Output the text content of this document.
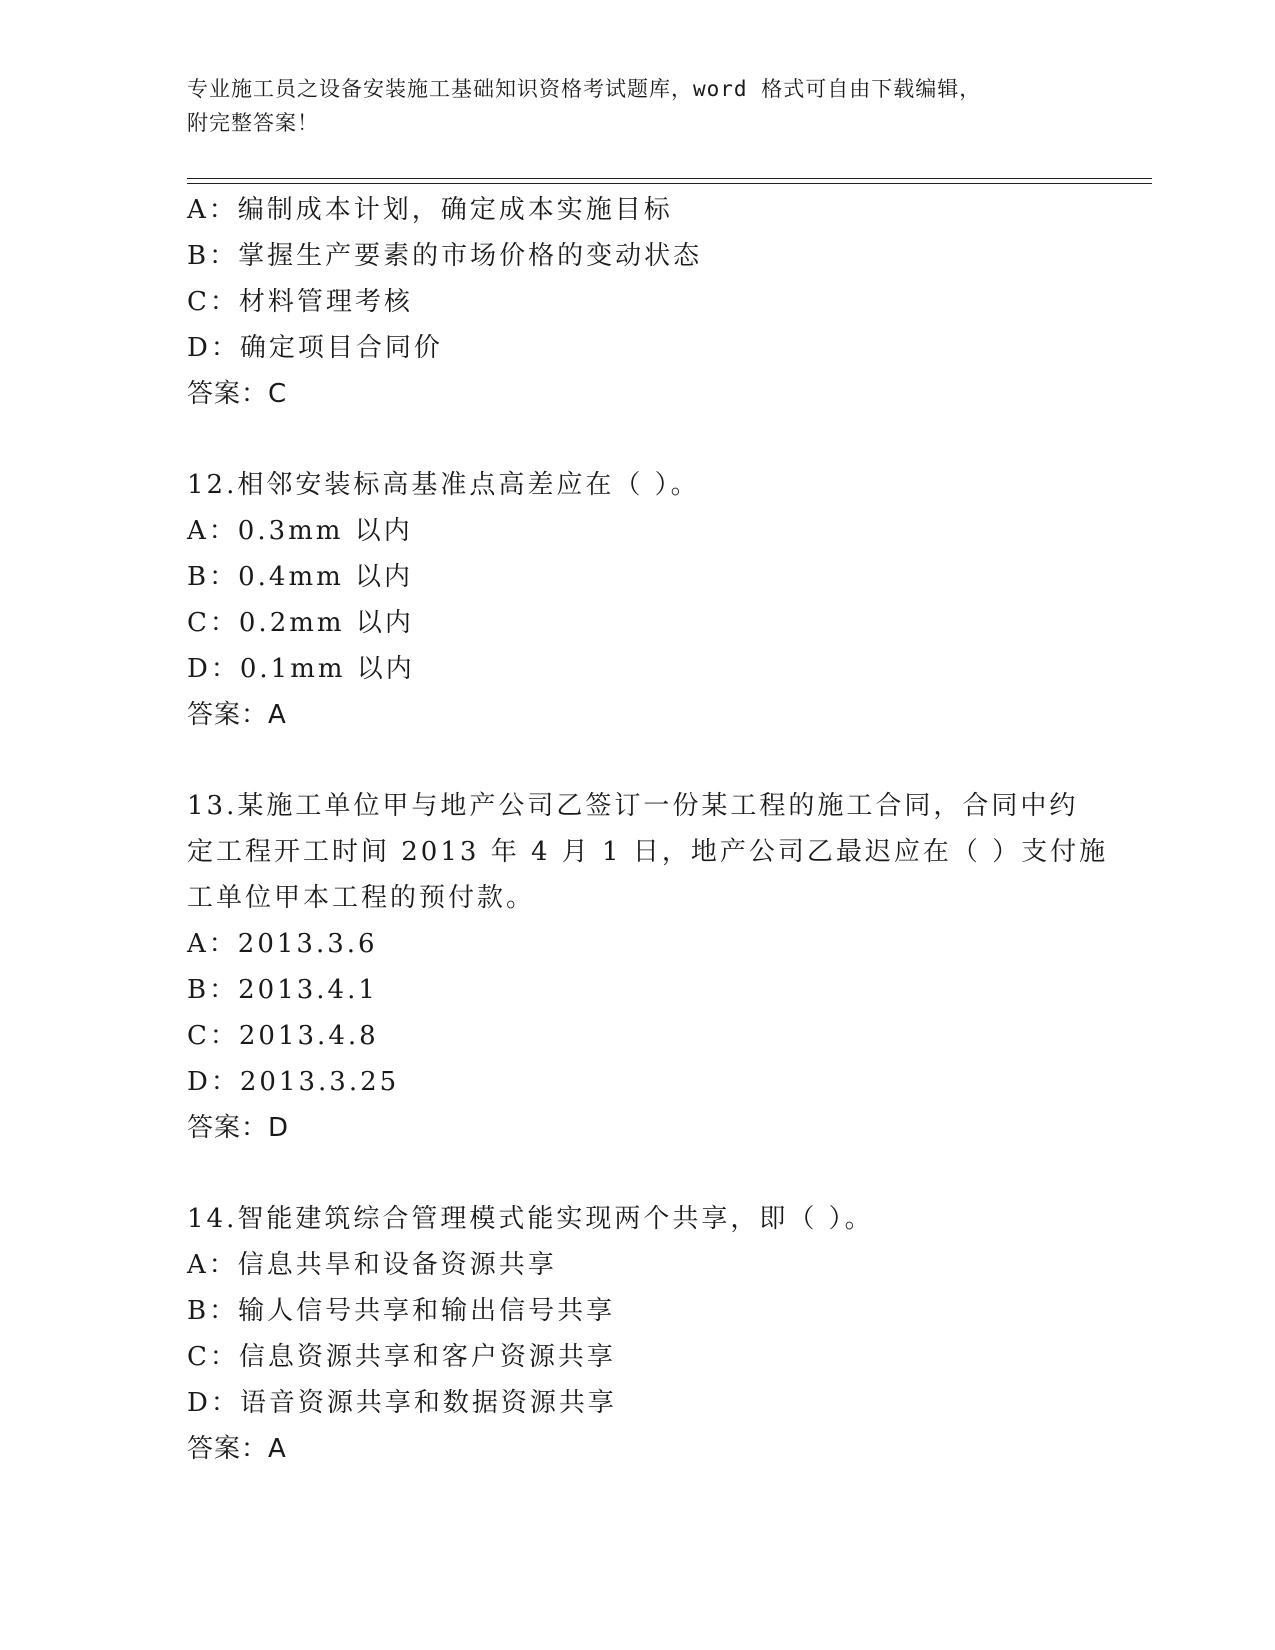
专业施工员之设备安装施工基础知识资格考试题库，word 格式可自由下载编辑，
附完整答案！
A：编制成本计划，确定成本实施目标
B：掌握生产要素的市场价格的变动状态
C：材料管理考核
D：确定项目合同价
答案：C
12.相邻安装标高基准点高差应在（ ）。
A：0.3mm 以内
B：0.4mm 以内
C：0.2mm 以内
D：0.1mm 以内
答案：A
13.某施工单位甲与地产公司乙签订一份某工程的施工合同，合同中约
定工程开工时间 2013 年 4 月 1 日，地产公司乙最迟应在（ ）支付施
工单位甲本工程的预付款。
A：2013.3.6
B：2013.4.1
C：2013.4.8
D：2013.3.25
答案：D
14.智能建筑综合管理模式能实现两个共享，即（ ）。
A：信息共旱和设备资源共享
B：输人信号共享和输出信号共享
C：信息资源共享和客户资源共享
D：语音资源共享和数据资源共享
答案：A
